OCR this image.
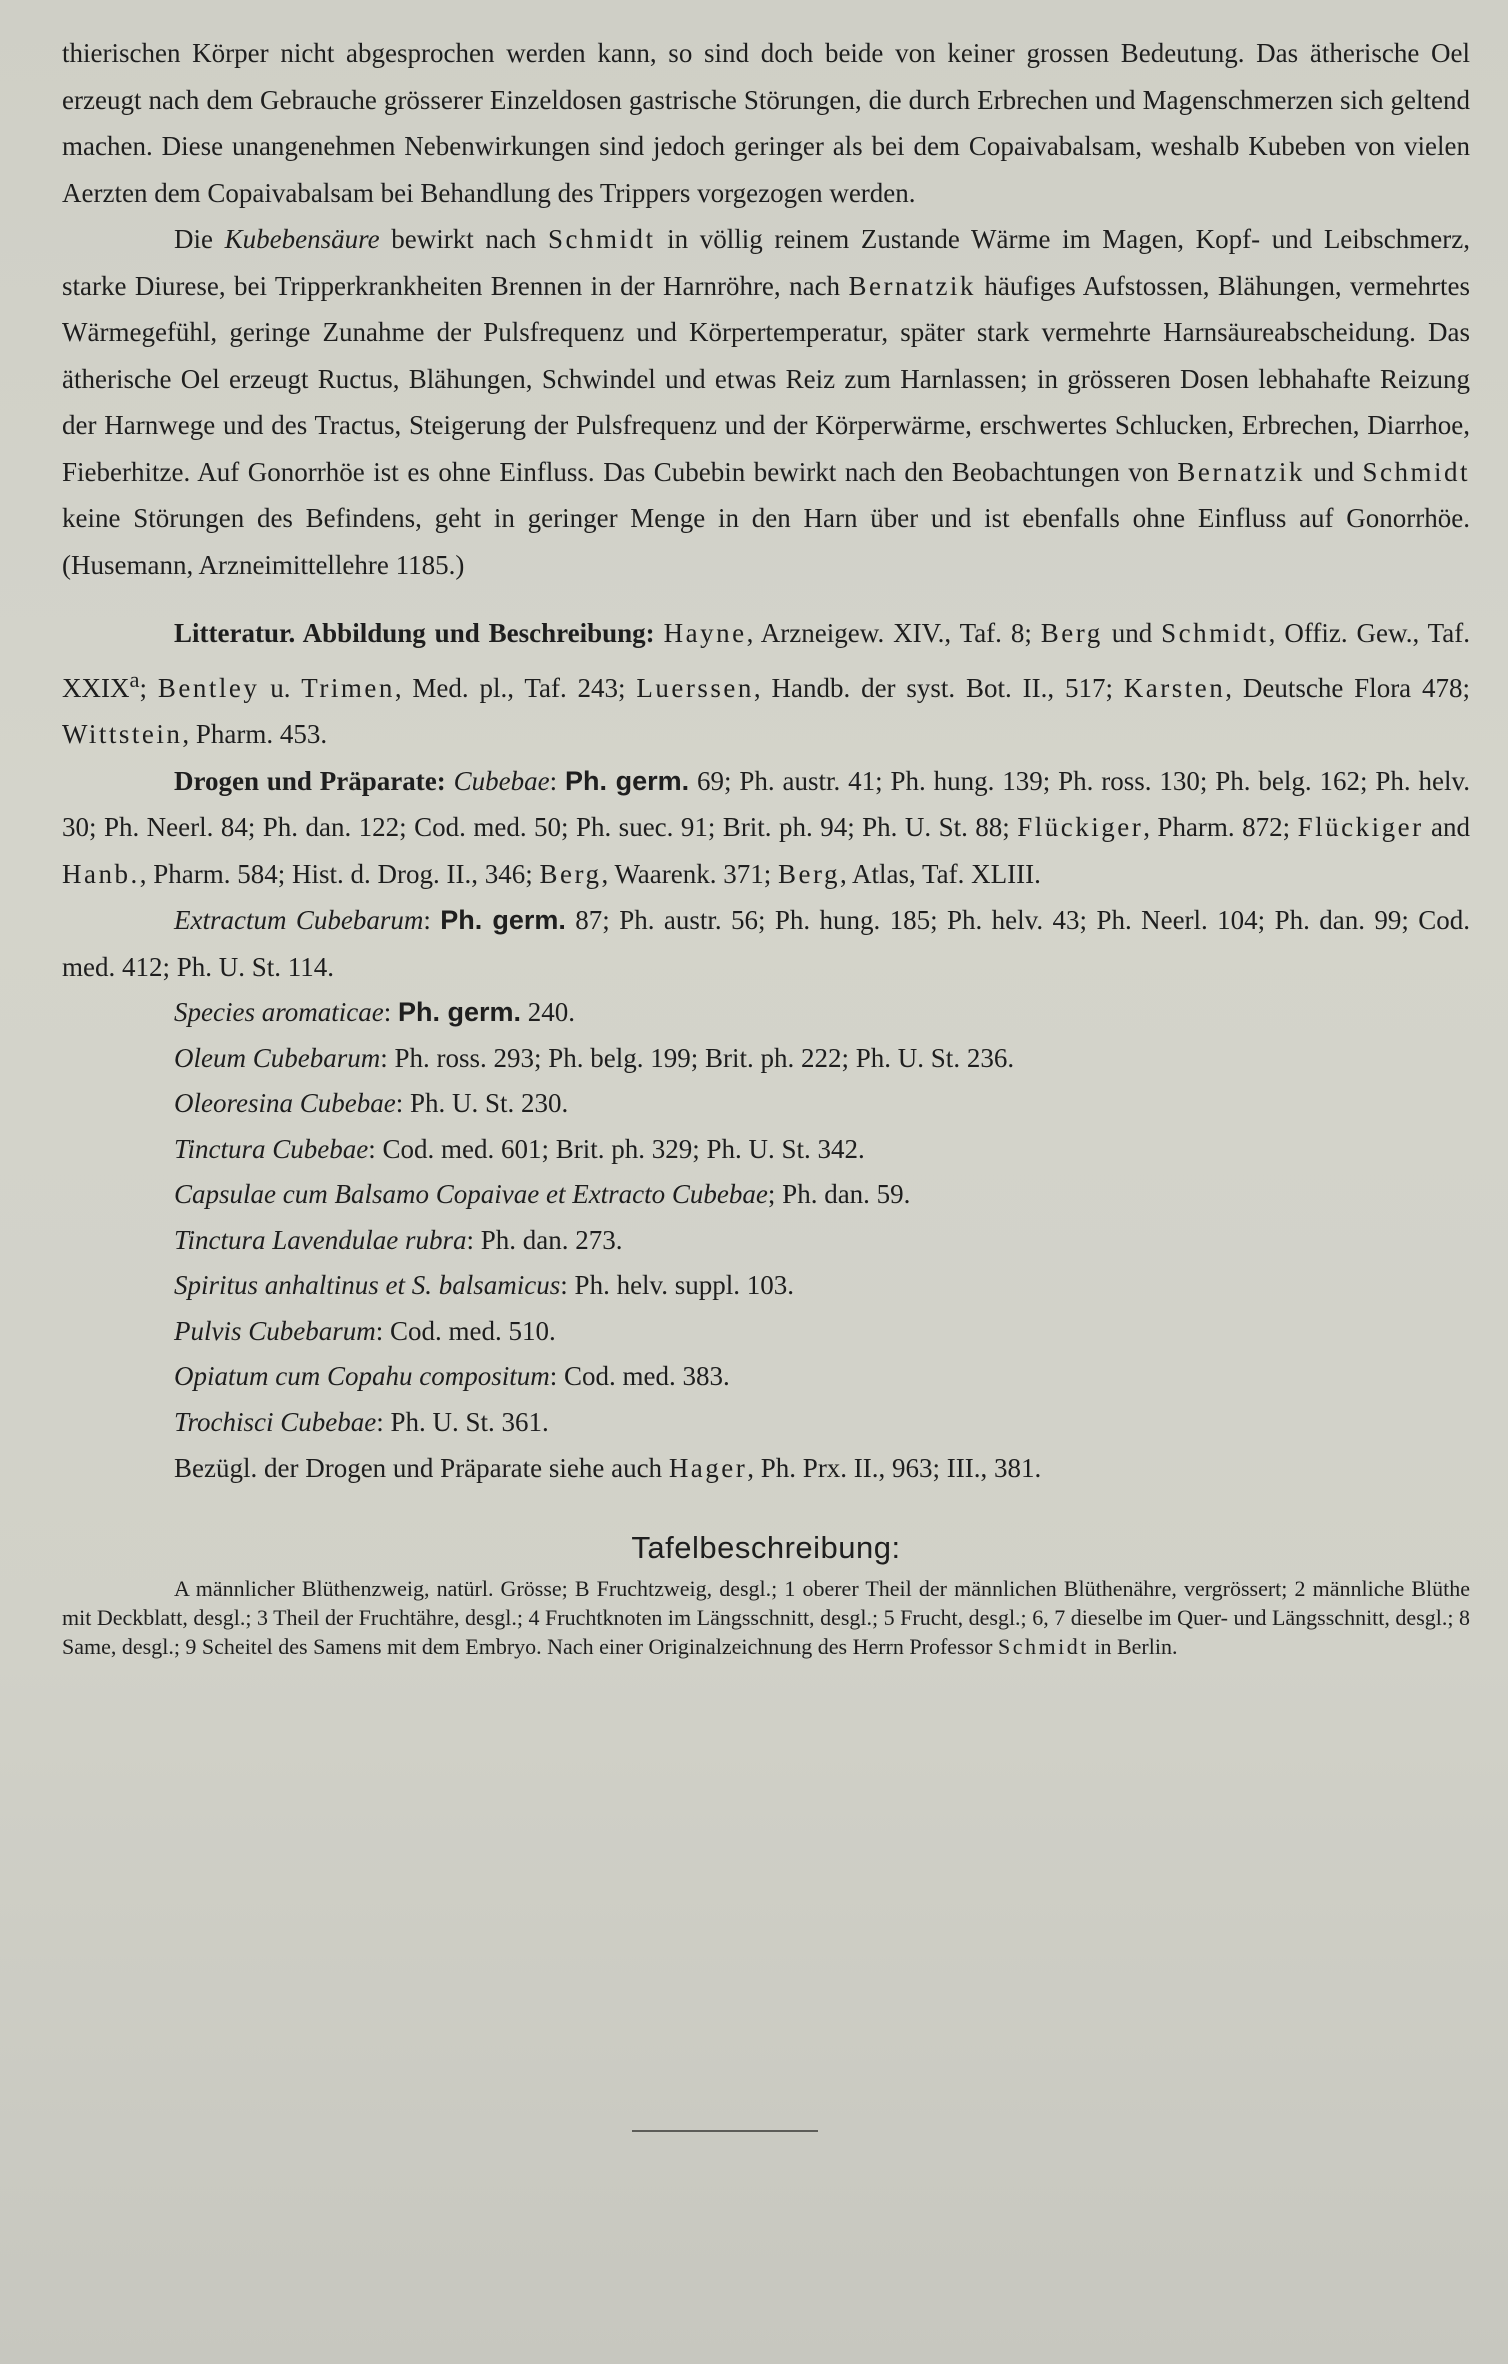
thierischen Körper nicht abgesprochen werden kann, so sind doch beide von keiner grossen Bedeutung. Das ätherische Oel erzeugt nach dem Gebrauche grösserer Einzeldosen gastrische Störungen, die durch Erbrechen und Magenschmerzen sich geltend machen. Diese unangenehmen Nebenwirkungen sind jedoch geringer als bei dem Copaivabalsam, weshalb Kubeben von vielen Aerzten dem Copaivabalsam bei Behandlung des Trippers vorgezogen werden.

Die Kubebensäure bewirkt nach Schmidt in völlig reinem Zustande Wärme im Magen, Kopf- und Leibschmerz, starke Diurese, bei Tripperkrankheiten Brennen in der Harnröhre, nach Bernatzik häufiges Aufstossen, Blähungen, vermehrtes Wärmegefühl, geringe Zunahme der Pulsfrequenz und Körpertemperatur, später stark vermehrte Harnsäureabscheidung. Das ätherische Oel erzeugt Ructus, Blähungen, Schwindel und etwas Reiz zum Harnlassen; in grösseren Dosen lebhahafte Reizung der Harnwege und des Tractus, Steigerung der Pulsfrequenz und der Körperwärme, erschwertes Schlucken, Erbrechen, Diarrhoe, Fieberhitze. Auf Gonorrhöe ist es ohne Einfluss. Das Cubebin bewirkt nach den Beobachtungen von Bernatzik und Schmidt keine Störungen des Befindens, geht in geringer Menge in den Harn über und ist ebenfalls ohne Einfluss auf Gonorrhöe. (Husemann, Arzneimittellehre 1185.)

Litteratur. Abbildung und Beschreibung: Hayne, Arzneigew. XIV., Taf. 8; Berg und Schmidt, Offiz. Gew., Taf. XXIX$^a$; Bentley u. Trimen, Med. pl., Taf. 243; Luerssen, Handb. der syst. Bot. II., 517; Karsten, Deutsche Flora 478; Wittstein, Pharm. 453.

Drogen und Präparate: Cubebae: Ph. germ. 69; Ph. austr. 41; Ph. hung. 139; Ph. ross. 130; Ph. belg. 162; Ph. helv. 30; Ph. Neerl. 84; Ph. dan. 122; Cod. med. 50; Ph. suec. 91; Brit. ph. 94; Ph. U. St. 88; Flückiger, Pharm. 872; Flückiger and Hanb., Pharm. 584; Hist. d. Drog. II., 346; Berg, Waarenk. 371; Berg, Atlas, Taf. XLIII.

Extractum Cubebarum: Ph. germ. 87; Ph. austr. 56; Ph. hung. 185; Ph. helv. 43; Ph. Neerl. 104; Ph. dan. 99; Cod. med. 412; Ph. U. St. 114.

Species aromaticae: Ph. germ. 240.
Oleum Cubebarum: Ph. ross. 293; Ph. belg. 199; Brit. ph. 222; Ph. U. St. 236.
Oleoresina Cubebae: Ph. U. St. 230.
Tinctura Cubebae: Cod. med. 601; Brit. ph. 329; Ph. U. St. 342.
Capsulae cum Balsamo Copaivae et Extracto Cubebae; Ph. dan. 59.
Tinctura Lavendulae rubra: Ph. dan. 273.
Spiritus anhaltinus et S. balsamicus: Ph. helv. suppl. 103.
Pulvis Cubebarum: Cod. med. 510.
Opiatum cum Copahu compositum: Cod. med. 383.
Trochisci Cubebae: Ph. U. St. 361.

Bezügl. der Drogen und Präparate siehe auch Hager, Ph. Prx. II., 963; III., 381.

Tafelbeschreibung:

A männlicher Blüthenzweig, natürl. Grösse; B Fruchtzweig, desgl.; 1 oberer Theil der männlichen Blüthenähre, vergrössert; 2 männliche Blüthe mit Deckblatt, desgl.; 3 Theil der Fruchtähre, desgl.; 4 Fruchtknoten im Längsschnitt, desgl.; 5 Frucht, desgl.; 6, 7 dieselbe im Quer- und Längsschnitt, desgl.; 8 Same, desgl.; 9 Scheitel des Samens mit dem Embryo. Nach einer Originalzeichnung des Herrn Professor Schmidt in Berlin.
